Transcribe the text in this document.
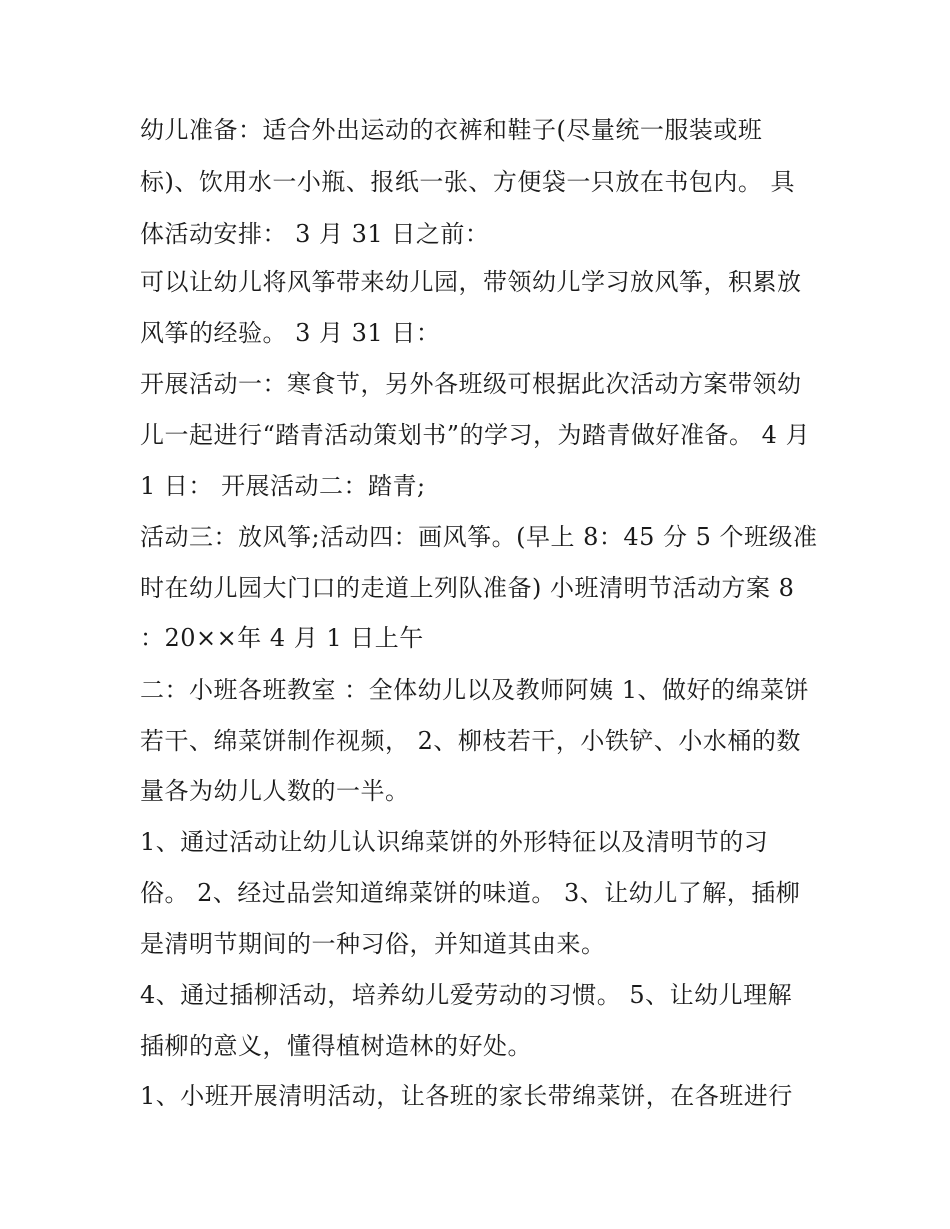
幼儿准备：适合外出运动的衣裤和鞋子(尽量统一服装或班
标)、饮用水一小瓶、报纸一张、方便袋一只放在书包内。 具
体活动安排： 3 月 31 日之前：
可以让幼儿将风筝带来幼儿园，带领幼儿学习放风筝，积累放
风筝的经验。 3 月 31 日：
开展活动一：寒食节，另外各班级可根据此次活动方案带领幼
儿一起进行“踏青活动策划书”的学习，为踏青做好准备。 4 月
1 日： 开展活动二：踏青;
活动三：放风筝;活动四：画风筝。(早上 8：45 分 5 个班级准
时在幼儿园大门口的走道上列队准备) 小班清明节活动方案 8
：20××年 4 月 1 日上午
二：小班各班教室 ：全体幼儿以及教师阿姨 1、做好的绵菜饼
若干、绵菜饼制作视频， 2、柳枝若干，小铁铲、小水桶的数
量各为幼儿人数的一半。
1、通过活动让幼儿认识绵菜饼的外形特征以及清明节的习
俗。 2、经过品尝知道绵菜饼的味道。 3、让幼儿了解，插柳
是清明节期间的一种习俗，并知道其由来。
4、通过插柳活动，培养幼儿爱劳动的习惯。 5、让幼儿理解
插柳的意义，懂得植树造林的好处。
1、小班开展清明活动，让各班的家长带绵菜饼，在各班进行
